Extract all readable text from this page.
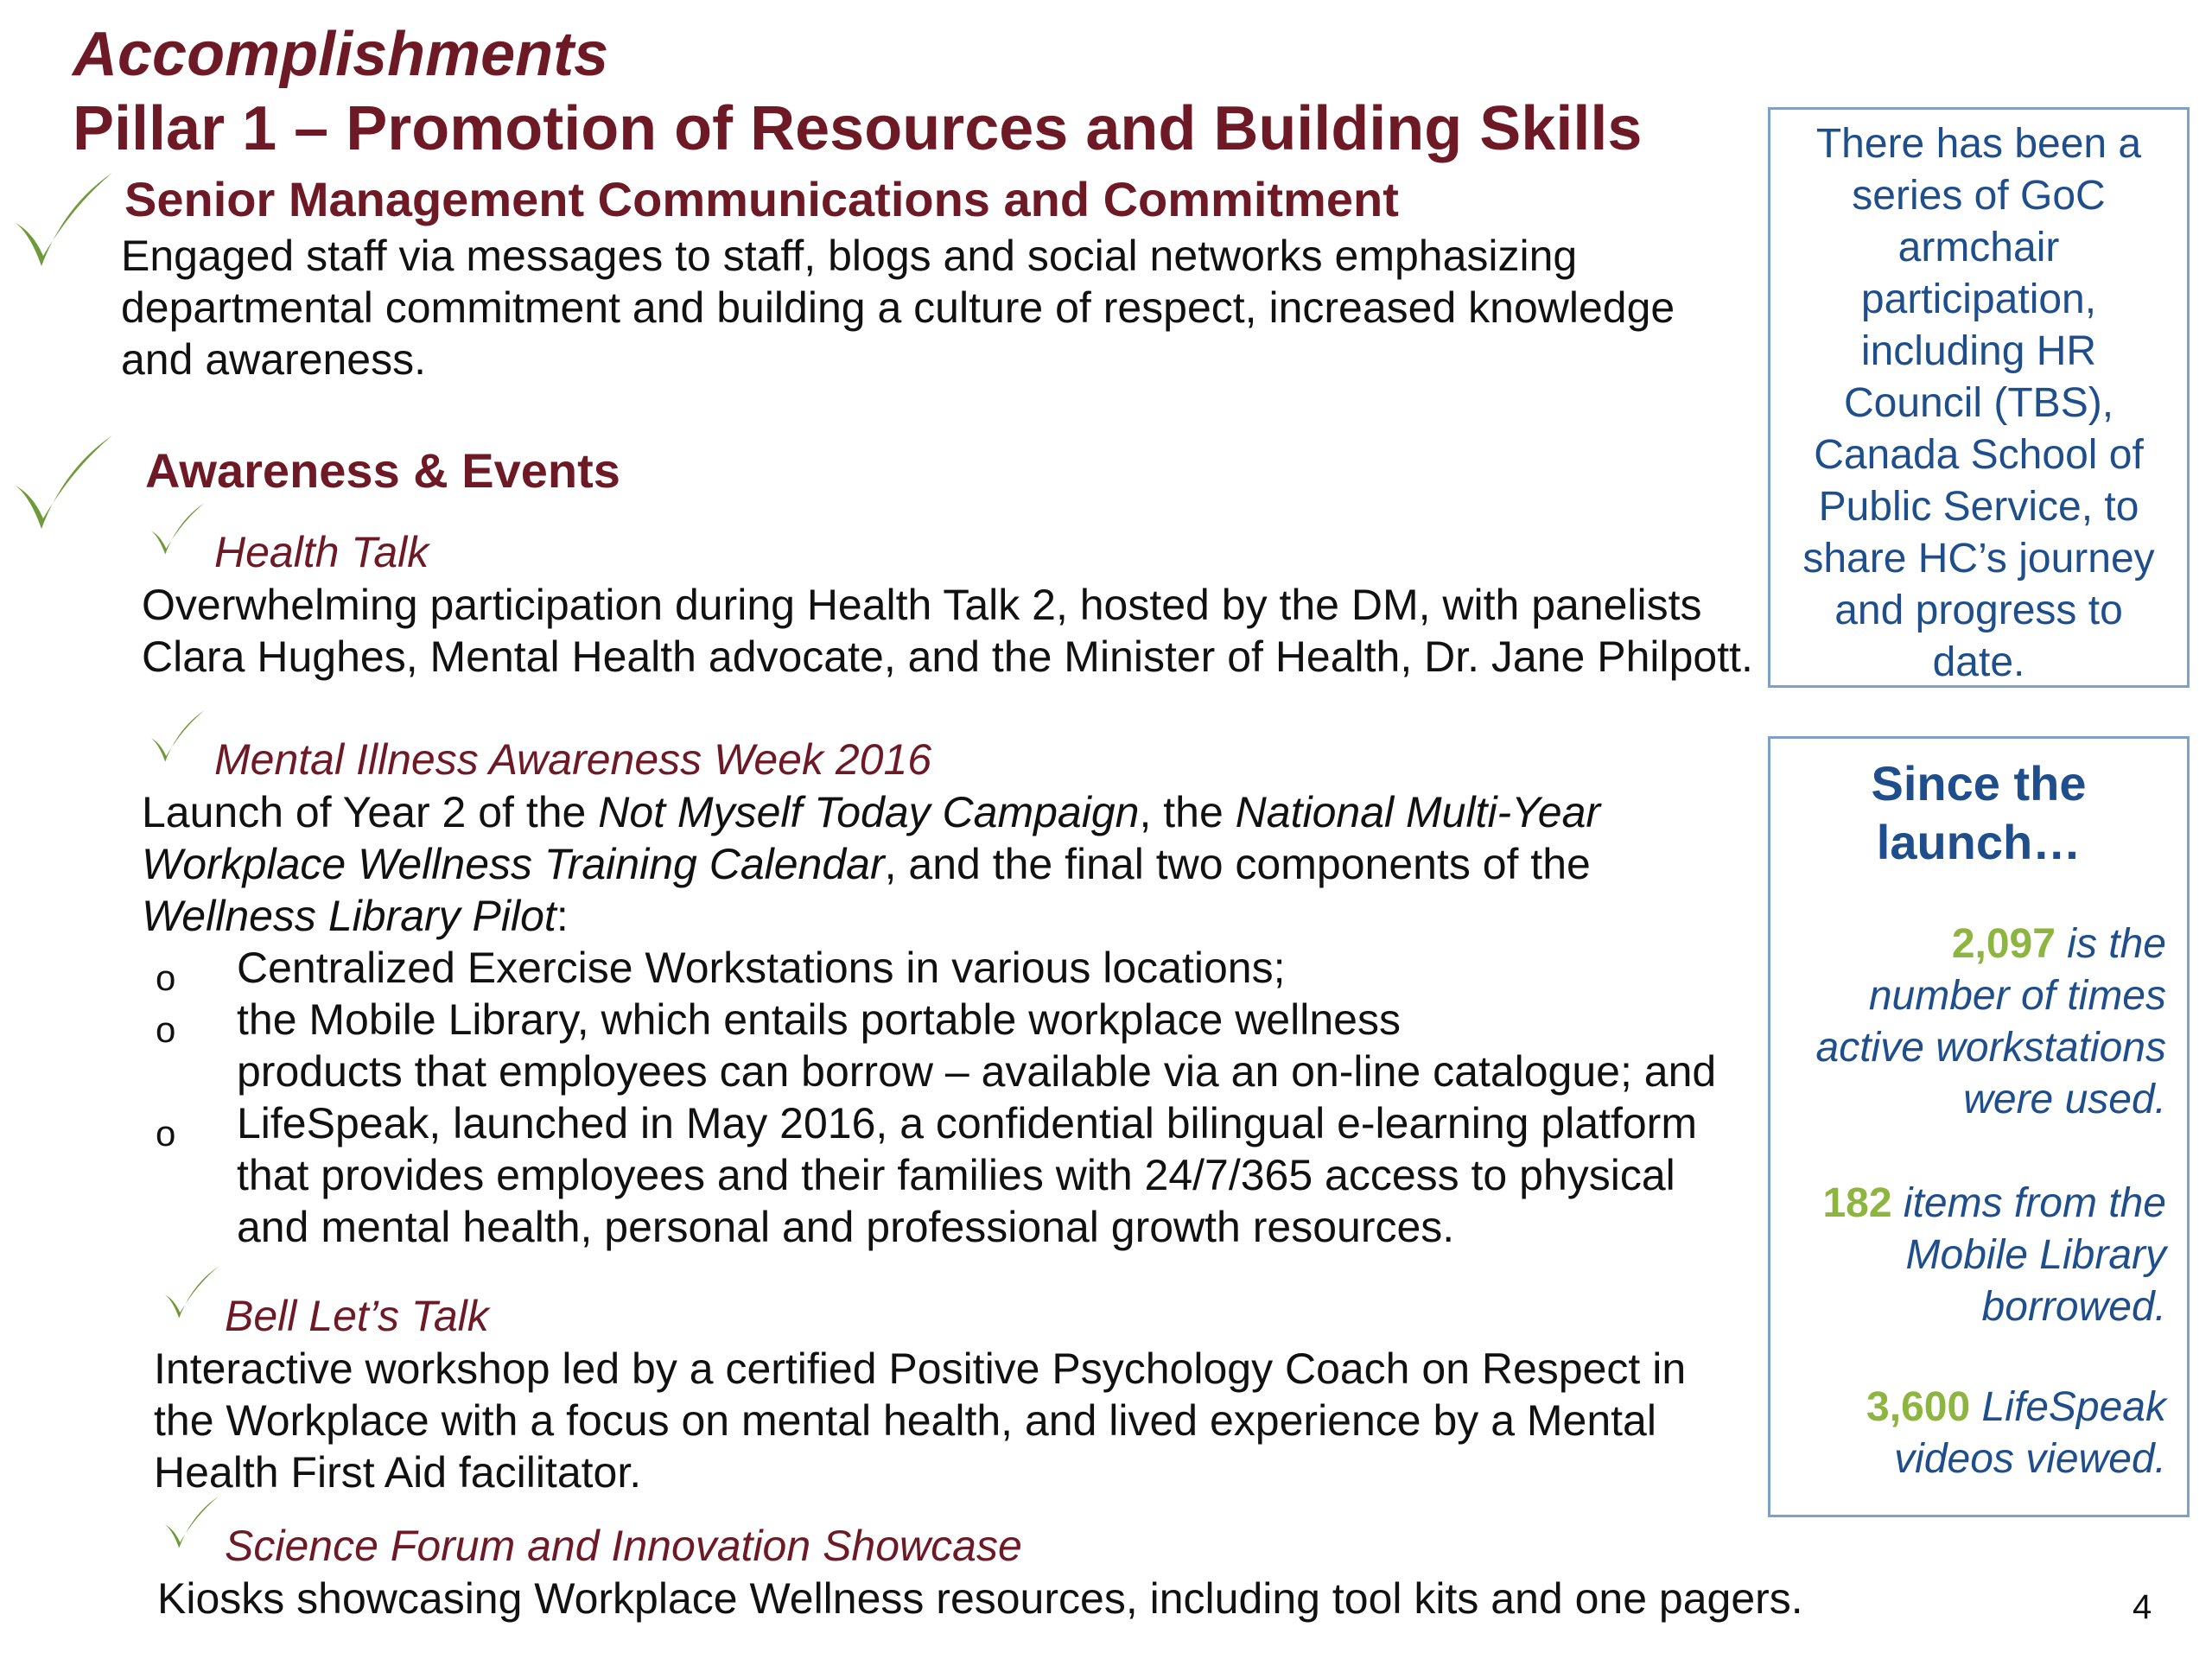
Accomplishments
Pillar 1 – Promotion of Resources and Building Skills
Senior Management Communications and Commitment
Engaged staff via messages to staff, blogs and social networks emphasizing
departmental commitment and building a culture of respect, increased knowledge
and awareness.
Awareness & Events
Health Talk
Overwhelming participation during Health Talk 2, hosted by the DM, with panelists
Clara Hughes, Mental Health advocate, and the Minister of Health, Dr. Jane Philpott.
Mental Illness Awareness Week 2016
Launch of Year 2 of the Not Myself Today Campaign, the National Multi-Year
Workplace Wellness Training Calendar, and the final two components of the
Wellness Library Pilot:
o Centralized Exercise Workstations in various locations;
o the Mobile Library, which entails portable workplace wellness
products that employees can borrow – available via an on-line catalogue; and
o LifeSpeak, launched in May 2016, a confidential bilingual e-learning platform
that provides employees and their families with 24/7/365 access to physical
and mental health, personal and professional growth resources.
Bell Let’s Talk
Interactive workshop led by a certified Positive Psychology Coach on Respect in
the Workplace with a focus on mental health, and lived experience by a Mental
Health First Aid facilitator.
Science Forum and Innovation Showcase
Kiosks showcasing Workplace Wellness resources, including tool kits and one pagers.
There has been a
series of GoC
armchair
participation,
including HR
Council (TBS),
Canada School of
Public Service, to
share HC’s journey
and progress to
date.
Since the
launch…
2,097 is the
number of times
active workstations
were used.
182 items from the
Mobile Library
borrowed.
3,600 LifeSpeak
videos viewed.
4
